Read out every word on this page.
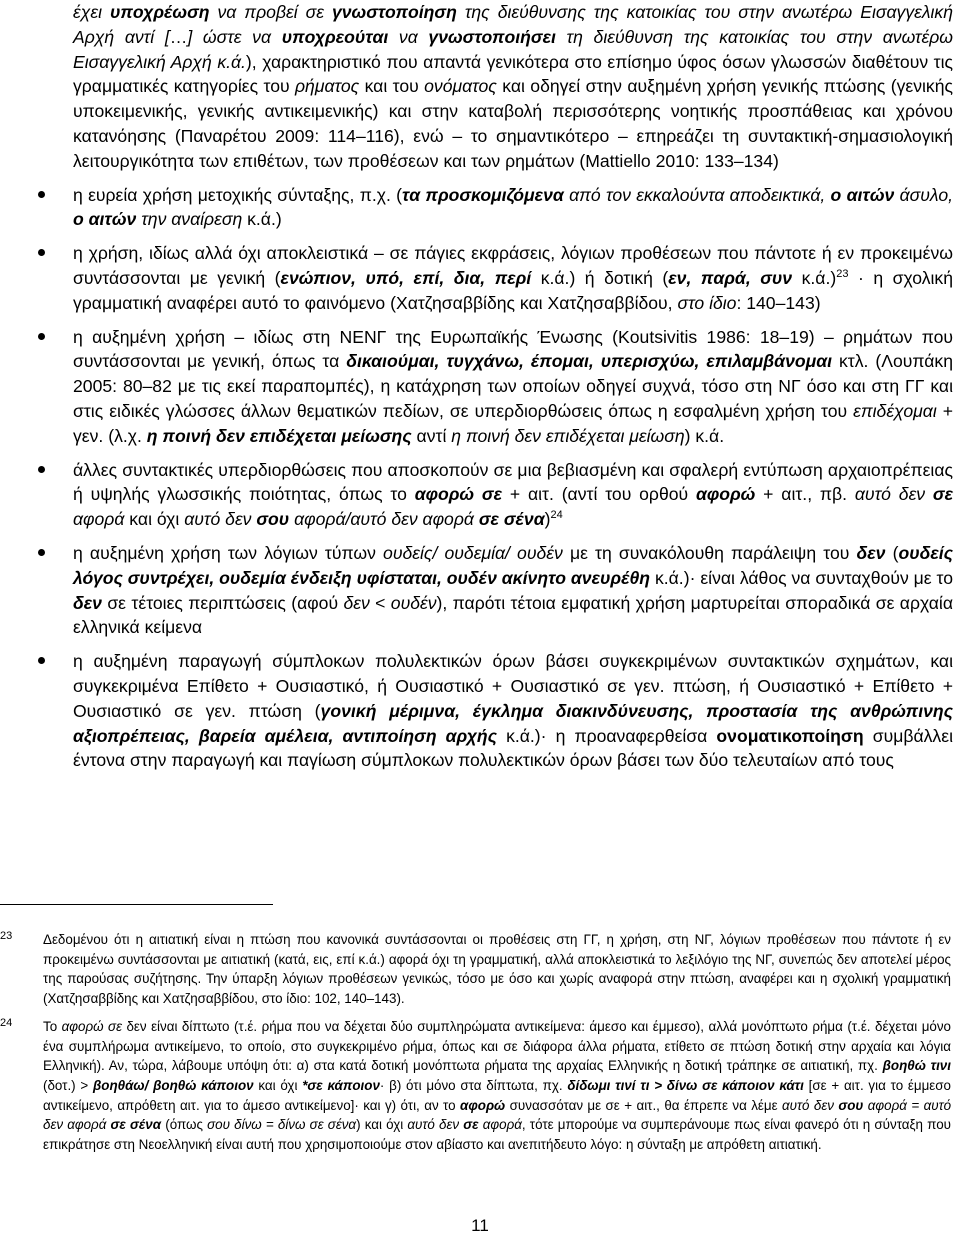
έχει υποχρέωση να προβεί σε γνωστοποίηση της διεύθυνσης της κατοικίας του στην ανωτέρω Εισαγγελική Αρχή αντί […] ώστε να υποχρεούται να γνωστοποιήσει τη διεύθυνση της κατοικίας του στην ανωτέρω Εισαγγελική Αρχή κ.ά.), χαρακτηριστικό που απαντά γενικότερα στο επίσημο ύφος όσων γλωσσών διαθέτουν τις γραμματικές κατηγορίες του ρήματος και του ονόματος και οδηγεί στην αυξημένη χρήση γενικής πτώσης (γενικής υποκειμενικής, γενικής αντικειμενικής) και στην καταβολή περισσότερης νοητικής προσπάθειας και χρόνου κατανόησης (Παναρέτου 2009: 114–116), ενώ – το σημαντικότερο – επηρεάζει τη συντακτική-σημασιολογική λειτουργικότητα των επιθέτων, των προθέσεων και των ρημάτων (Mattiello 2010: 133–134)
η ευρεία χρήση μετοχικής σύνταξης, π.χ. (τα προσκομιζόμενα από τον εκκαλούντα αποδεικτικά, ο αιτών άσυλο, ο αιτών την αναίρεση κ.ά.)
η χρήση, ιδίως αλλά όχι αποκλειστικά – σε πάγιες εκφράσεις, λόγιων προθέσεων που πάντοτε ή εν προκειμένω συντάσσονται με γενική (ενώπιον, υπό, επί, δια, περί κ.ά.) ή δοτική (εν, παρά, συν κ.ά.)$^{23}$ · η σχολική γραμματική αναφέρει αυτό το φαινόμενο (Χατζησαββίδης και Χατζησαββίδου, στο ίδιο: 140–143)
η αυξημένη χρήση – ιδίως στη ΝΕΝΓ της Ευρωπαϊκής Ένωσης (Koutsivitis 1986: 18–19) – ρημάτων που συντάσσονται με γενική, όπως τα δικαιούμαι, τυγχάνω, έπομαι, υπερισχύω, επιλαμβάνομαι κτλ. (Λουπάκη 2005: 80–82 με τις εκεί παραπομπές), η κατάχρηση των οποίων οδηγεί συχνά, τόσο στη ΝΓ όσο και στη ΓΓ και στις ειδικές γλώσσες άλλων θεματικών πεδίων, σε υπερδιορθώσεις όπως η εσφαλμένη χρήση του επιδέχομαι + γεν. (λ.χ. η ποινή δεν επιδέχεται μείωσης αντί η ποινή δεν επιδέχεται μείωση) κ.ά.
άλλες συντακτικές υπερδιορθώσεις που αποσκοπούν σε μια βεβιασμένη και σφαλερή εντύπωση αρχαιοπρέπειας ή υψηλής γλωσσικής ποιότητας, όπως το αφορώ σε + αιτ. (αντί του ορθού αφορώ + αιτ., πβ. αυτό δεν σε αφορά και όχι αυτό δεν σου αφορά/αυτό δεν αφορά σε σένα)$^{24}$
η αυξημένη χρήση των λόγιων τύπων ουδείς/ ουδεμία/ ουδέν με τη συνακόλουθη παράλειψη του δεν (ουδείς λόγος συντρέχει, ουδεμία ένδειξη υφίσταται, ουδέν ακίνητο ανευρέθη κ.ά.)· είναι λάθος να συνταχθούν με το δεν σε τέτοιες περιπτώσεις (αφού δεν < ουδέν), παρότι τέτοια εμφατική χρήση μαρτυρείται σποραδικά σε αρχαία ελληνικά κείμενα
η αυξημένη παραγωγή σύμπλοκων πολυλεκτικών όρων βάσει συγκεκριμένων συντακτικών σχημάτων, και συγκεκριμένα Επίθετο + Ουσιαστικό, ή Ουσιαστικό + Ουσιαστικό σε γεν. πτώση, ή Ουσιαστικό + Επίθετο + Ουσιαστικό σε γεν. πτώση (γονική μέριμνα, έγκλημα διακινδύνευσης, προστασία της ανθρώπινης αξιοπρέπειας, βαρεία αμέλεια, αντιποίηση αρχής κ.ά.)· η προαναφερθείσα ονοματικοποίηση συμβάλλει έντονα στην παραγωγή και παγίωση σύμπλοκων πολυλεκτικών όρων βάσει των δύο τελευταίων από τους
23 Δεδομένου ότι η αιτιατική είναι η πτώση που κανονικά συντάσσονται οι προθέσεις στη ΓΓ, η χρήση, στη ΝΓ, λόγιων προθέσεων που πάντοτε ή εν προκειμένω συντάσσονται με αιτιατική (κατά, εις, επί κ.ά.) αφορά όχι τη γραμματική, αλλά αποκλειστικά το λεξιλόγιο της ΝΓ, συνεπώς δεν αποτελεί μέρος της παρούσας συζήτησης. Την ύπαρξη λόγιων προθέσεων γενικώς, τόσο με όσο και χωρίς αναφορά στην πτώση, αναφέρει και η σχολική γραμματική (Χατζησαββίδης και Χατζησαββίδου, στο ίδιο: 102, 140–143).
24 Το αφορώ σε δεν είναι δίπτωτο (τ.έ. ρήμα που να δέχεται δύο συμπληρώματα αντικείμενα: άμεσο και έμμεσο), αλλά μονόπτωτο ρήμα (τ.έ. δέχεται μόνο ένα συμπλήρωμα αντικείμενο, το οποίο, στο συγκεκριμένο ρήμα, όπως και σε διάφορα άλλα ρήματα, ετίθετο σε πτώση δοτική στην αρχαία και λόγια Ελληνική). Αν, τώρα, λάβουμε υπόψη ότι: α) στα κατά δοτική μονόπτωτα ρήματα της αρχαίας Ελληνικής η δοτική τράπηκε σε αιτιατική, πχ. βοηθώ τινι (δοτ.) > βοηθάω/ βοηθώ κάποιον και όχι *σε κάποιον· β) ότι μόνο στα δίπτωτα, πχ. δίδωμι τινί τι > δίνω σε κάποιον κάτι [σε + αιτ. για το έμμεσο αντικείμενο, απρόθετη αιτ. για το άμεσο αντικείμενο]· και γ) ότι, αν το αφορώ συνασσόταν με σε + αιτ., θα έπρεπε να λέμε αυτό δεν σου αφορά = αυτό δεν αφορά σε σένα (όπως σου δίνω = δίνω σε σένα) και όχι αυτό δεν σε αφορά, τότε μπορούμε να συμπεράνουμε πως είναι φανερό ότι η σύνταξη που επικράτησε στη Νεοελληνική είναι αυτή που χρησιμοποιούμε στον αβίαστο και ανεπιτήδευτο λόγο: η σύνταξη με απρόθετη αιτιατική.
11
